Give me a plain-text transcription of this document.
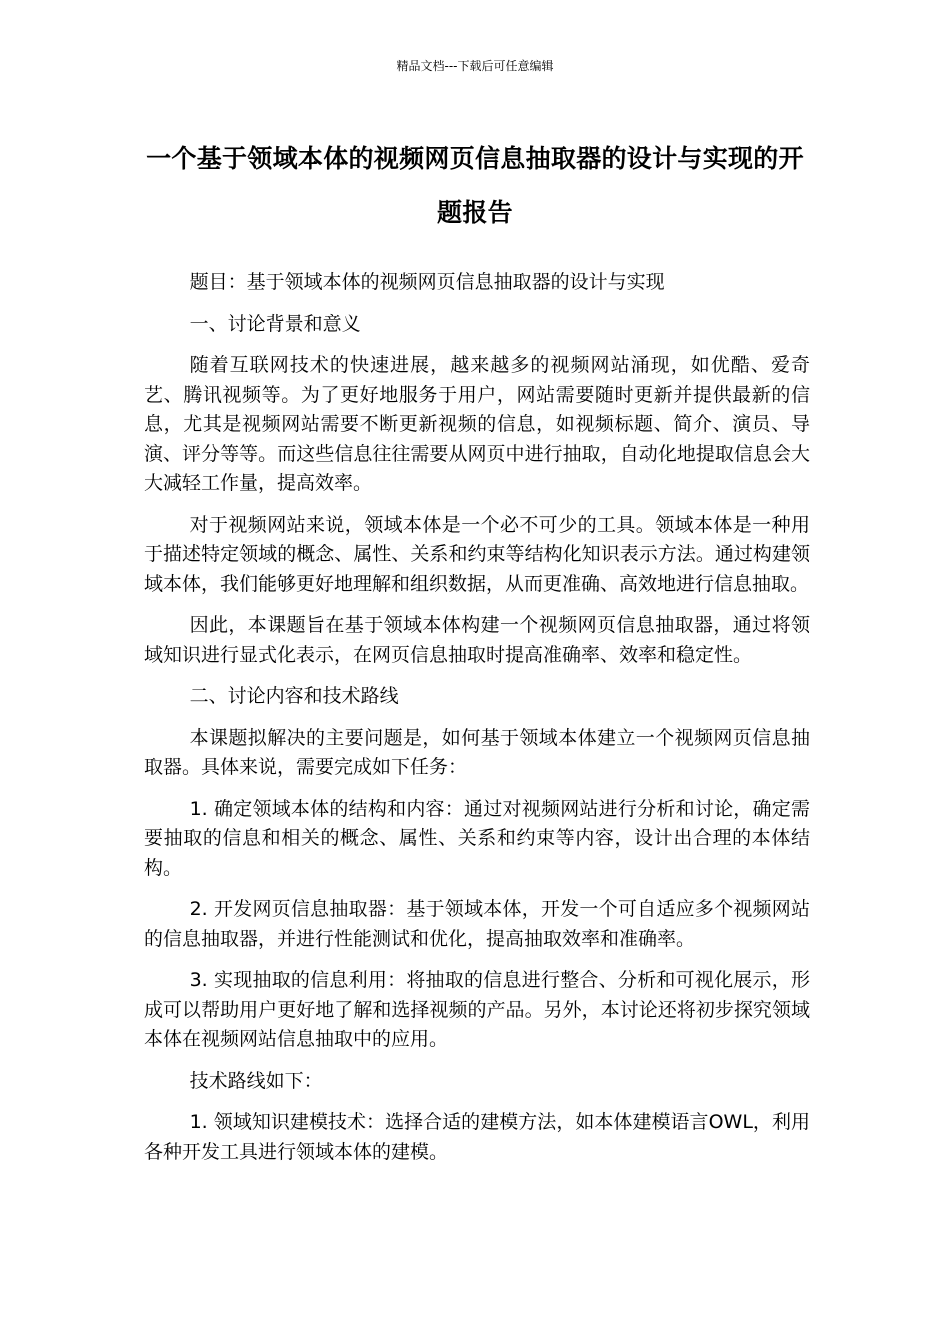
精品文档---下载后可任意编辑
一个基于领域本体的视频网页信息抽取器的设计与实现的开题报告

题目：基于领域本体的视频网页信息抽取器的设计与实现

一、讨论背景和意义

随着互联网技术的快速进展，越来越多的视频网站涌现，如优酷、爱奇艺、腾讯视频等。为了更好地服务于用户，网站需要随时更新并提供最新的信息，尤其是视频网站需要不断更新视频的信息，如视频标题、简介、演员、导演、评分等等。而这些信息往往需要从网页中进行抽取，自动化地提取信息会大大减轻工作量，提高效率。

对于视频网站来说，领域本体是一个必不可少的工具。领域本体是一种用于描述特定领域的概念、属性、关系和约束等结构化知识表示方法。通过构建领域本体，我们能够更好地理解和组织数据，从而更准确、高效地进行信息抽取。

因此，本课题旨在基于领域本体构建一个视频网页信息抽取器，通过将领域知识进行显式化表示，在网页信息抽取时提高准确率、效率和稳定性。

二、讨论内容和技术路线

本课题拟解决的主要问题是，如何基于领域本体建立一个视频网页信息抽取器。具体来说，需要完成如下任务：

1. 确定领域本体的结构和内容：通过对视频网站进行分析和讨论，确定需要抽取的信息和相关的概念、属性、关系和约束等内容，设计出合理的本体结构。

2. 开发网页信息抽取器：基于领域本体，开发一个可自适应多个视频网站的信息抽取器，并进行性能测试和优化，提高抽取效率和准确率。

3. 实现抽取的信息利用：将抽取的信息进行整合、分析和可视化展示，形成可以帮助用户更好地了解和选择视频的产品。另外，本讨论还将初步探究领域本体在视频网站信息抽取中的应用。

技术路线如下：

1. 领域知识建模技术：选择合适的建模方法，如本体建模语言OWL，利用各种开发工具进行领域本体的建模。
